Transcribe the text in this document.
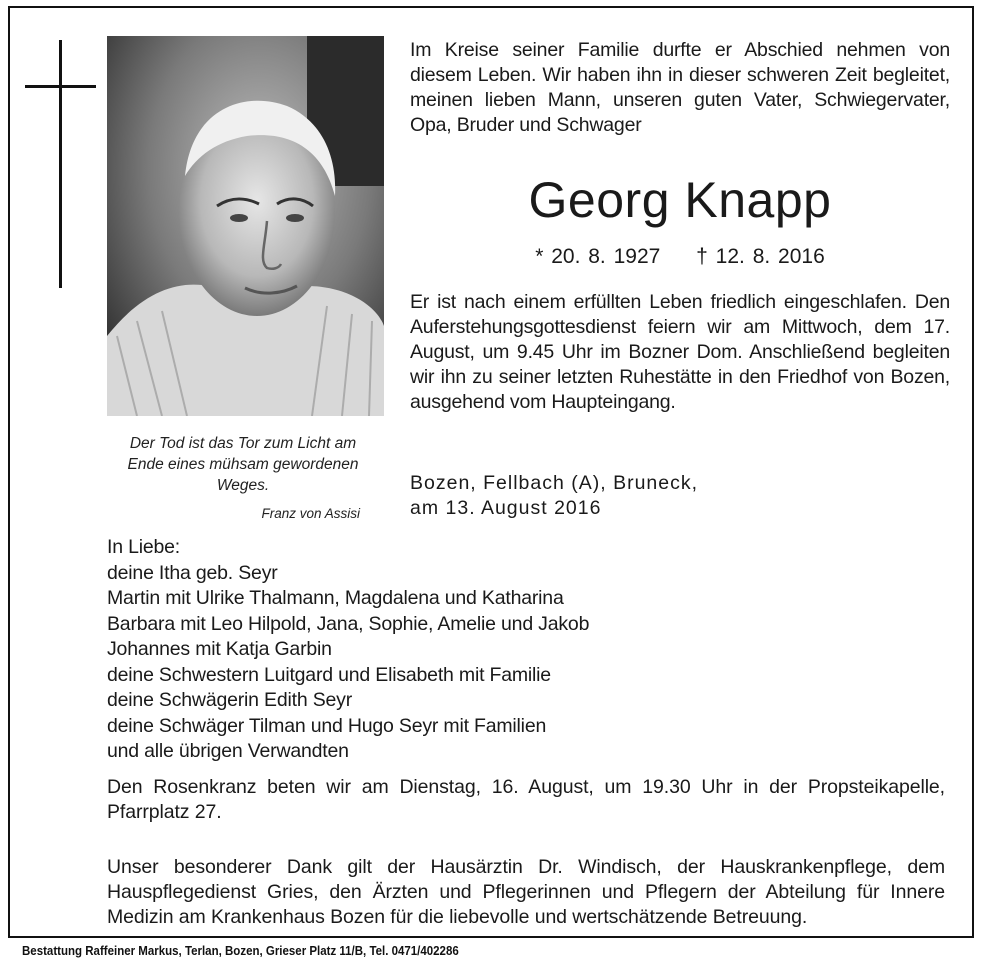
Der Tod ist das Tor zum Licht am Ende eines mühsam gewordenen Weges.
Franz von Assisi

Im Kreise seiner Familie durfte er Abschied nehmen von diesem Leben. Wir haben ihn in dieser schweren Zeit begleitet, meinen lieben Mann, unseren guten Vater, Schwiegervater, Opa, Bruder und Schwager

Georg Knapp
* 20. 8. 1927 † 12. 8. 2016
Er ist nach einem erfüllten Leben friedlich eingeschlafen. Den Auferstehungsgottesdienst feiern wir am Mittwoch, dem 17. August, um 9.45 Uhr im Bozner Dom. Anschließend begleiten wir ihn zu seiner letzten Ruhestätte in den Friedhof von Bozen, ausgehend vom Haupteingang.
Bozen, Fellbach (A), Bruneck,
am 13. August 2016
In Liebe:
deine Itha geb. Seyr
Martin mit Ulrike Thalmann, Magdalena und Katharina
Barbara mit Leo Hilpold, Jana, Sophie, Amelie und Jakob
Johannes mit Katja Garbin
deine Schwestern Luitgard und Elisabeth mit Familie
deine Schwägerin Edith Seyr
deine Schwäger Tilman und Hugo Seyr mit Familien
und alle übrigen Verwandten
Den Rosenkranz beten wir am Dienstag, 16. August, um 19.30 Uhr in der Propsteikapelle, Pfarrplatz 27.
Unser besonderer Dank gilt der Hausärztin Dr. Windisch, der Hauskrankenpflege, dem Hauspflegedienst Gries, den Ärzten und Pflegerinnen und Pflegern der Abteilung für Innere Medizin am Krankenhaus Bozen für die liebevolle und wertschätzende Betreuung.
Bestattung Raffeiner Markus, Terlan, Bozen, Grieser Platz 11/B, Tel. 0471/402286
